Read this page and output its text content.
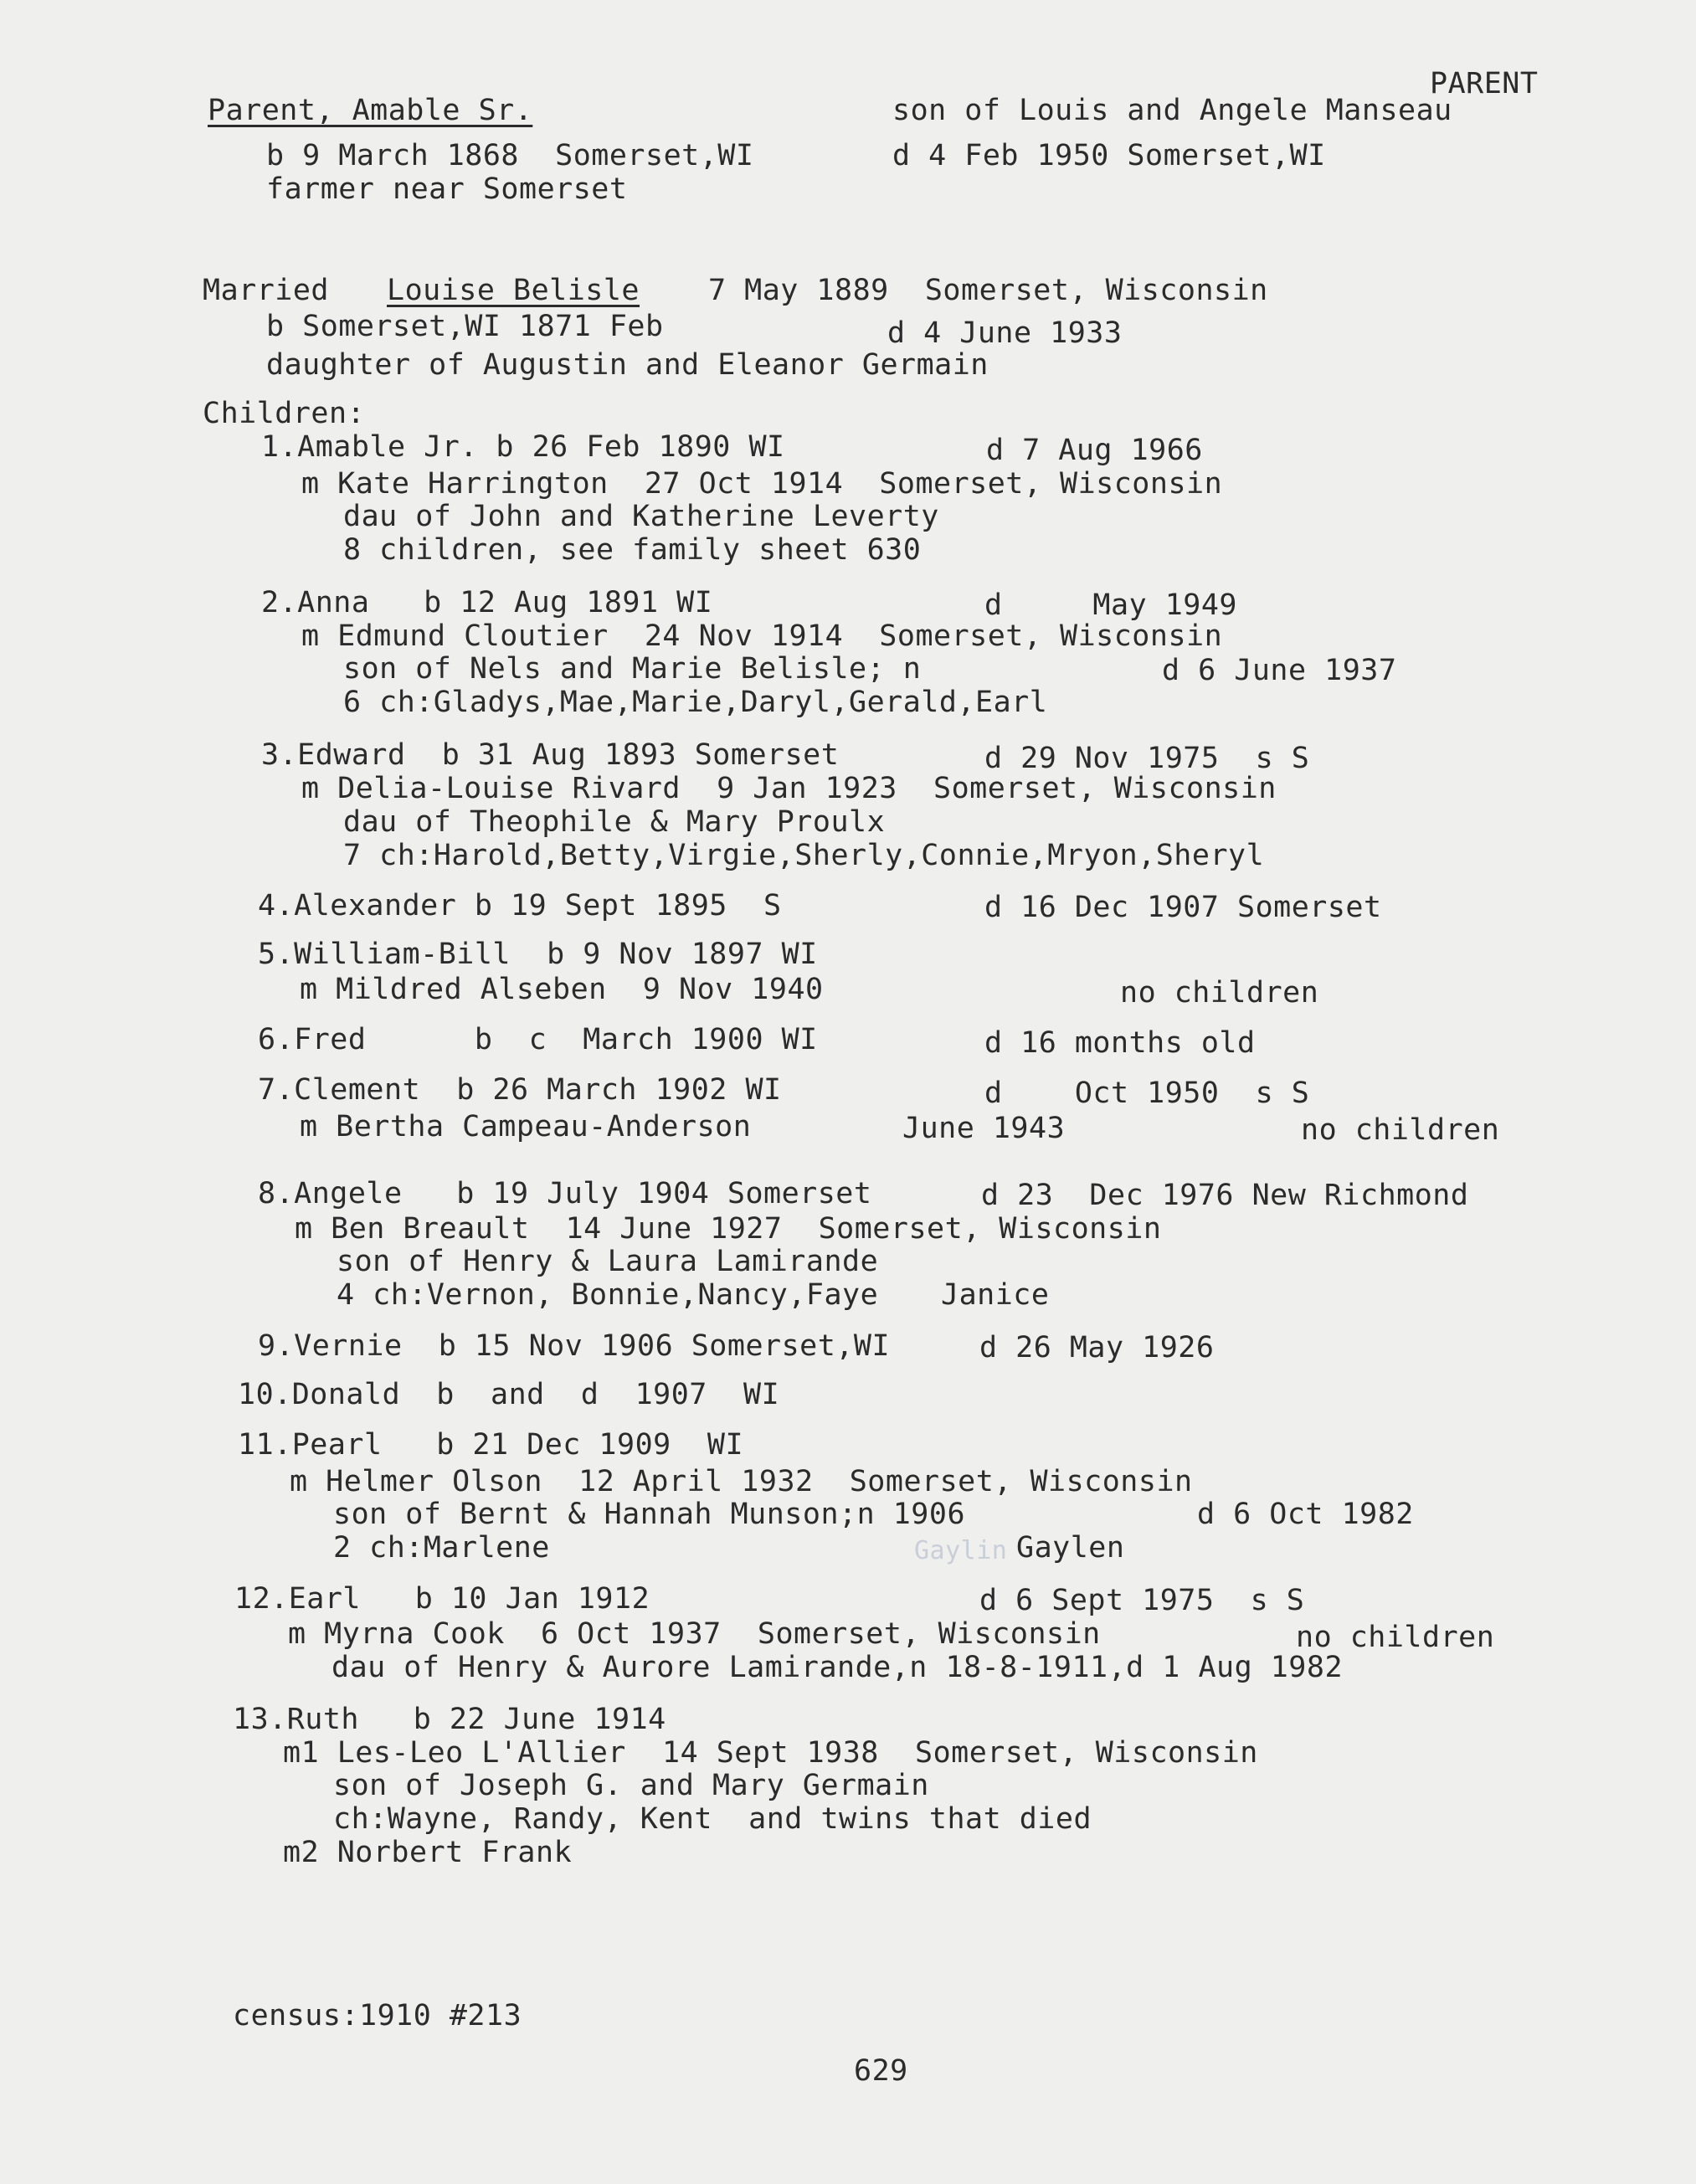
PARENT
Parent, Amable Sr.	son of Louis and Angele Manseau
b 9 March 1868  Somerset,WI	d 4 Feb 1950 Somerset,WI
farmer near Somerset
Married Louise Belisle 7 May 1889  Somerset, Wisconsin
b Somerset,WI 1871 Feb	d 4 June 1933
daughter of Augustin and Eleanor Germain
Children:
1.Amable Jr. b 26 Feb 1890 WI	d 7 Aug 1966
m Kate Harrington  27 Oct 1914  Somerset, Wisconsin
dau of John and Katherine Leverty
8 children, see family sheet 630
2.Anna   b 12 Aug 1891 WI	d     May 1949
m Edmund Cloutier  24 Nov 1914  Somerset, Wisconsin
son of Nels and Marie Belisle; n	d 6 June 1937
6 ch:Gladys,Mae,Marie,Daryl,Gerald,Earl
3.Edward  b 31 Aug 1893 Somerset	d 29 Nov 1975  s S
m Delia-Louise Rivard  9 Jan 1923  Somerset, Wisconsin
dau of Theophile & Mary Proulx
7 ch:Harold,Betty,Virgie,Sherly,Connie,Mryon,Sheryl
4.Alexander b 19 Sept 1895  S	d 16 Dec 1907 Somerset
5.William-Bill  b 9 Nov 1897 WI
m Mildred Alseben  9 Nov 1940	no children
6.Fred      b  c  March 1900 WI	d 16 months old
7.Clement  b 26 March 1902 WI	d    Oct 1950  s S
m Bertha Campeau-Anderson	June 1943	no children
8.Angele   b 19 July 1904 Somerset	d 23  Dec 1976 New Richmond
m Ben Breault  14 June 1927  Somerset, Wisconsin
son of Henry & Laura Lamirande
4 ch:Vernon, Bonnie,Nancy,Faye Janice
9.Vernie  b 15 Nov 1906 Somerset,WI	d 26 May 1926
10.Donald  b  and  d  1907  WI
11.Pearl   b 21 Dec 1909  WI
m Helmer Olson  12 April 1932  Somerset, Wisconsin
son of Bernt & Hannah Munson;n 1906	d 6 Oct 1982
2 ch:Marlene	Gaylin Gaylen
12.Earl   b 10 Jan 1912	d 6 Sept 1975  s S
m Myrna Cook  6 Oct 1937  Somerset, Wisconsin	no children
dau of Henry & Aurore Lamirande,n 18-8-1911,d 1 Aug 1982
13.Ruth   b 22 June 1914
m1 Les-Leo L'Allier  14 Sept 1938  Somerset, Wisconsin
son of Joseph G. and Mary Germain
ch:Wayne, Randy, Kent  and twins that died
m2 Norbert Frank
census:1910 #213
629
